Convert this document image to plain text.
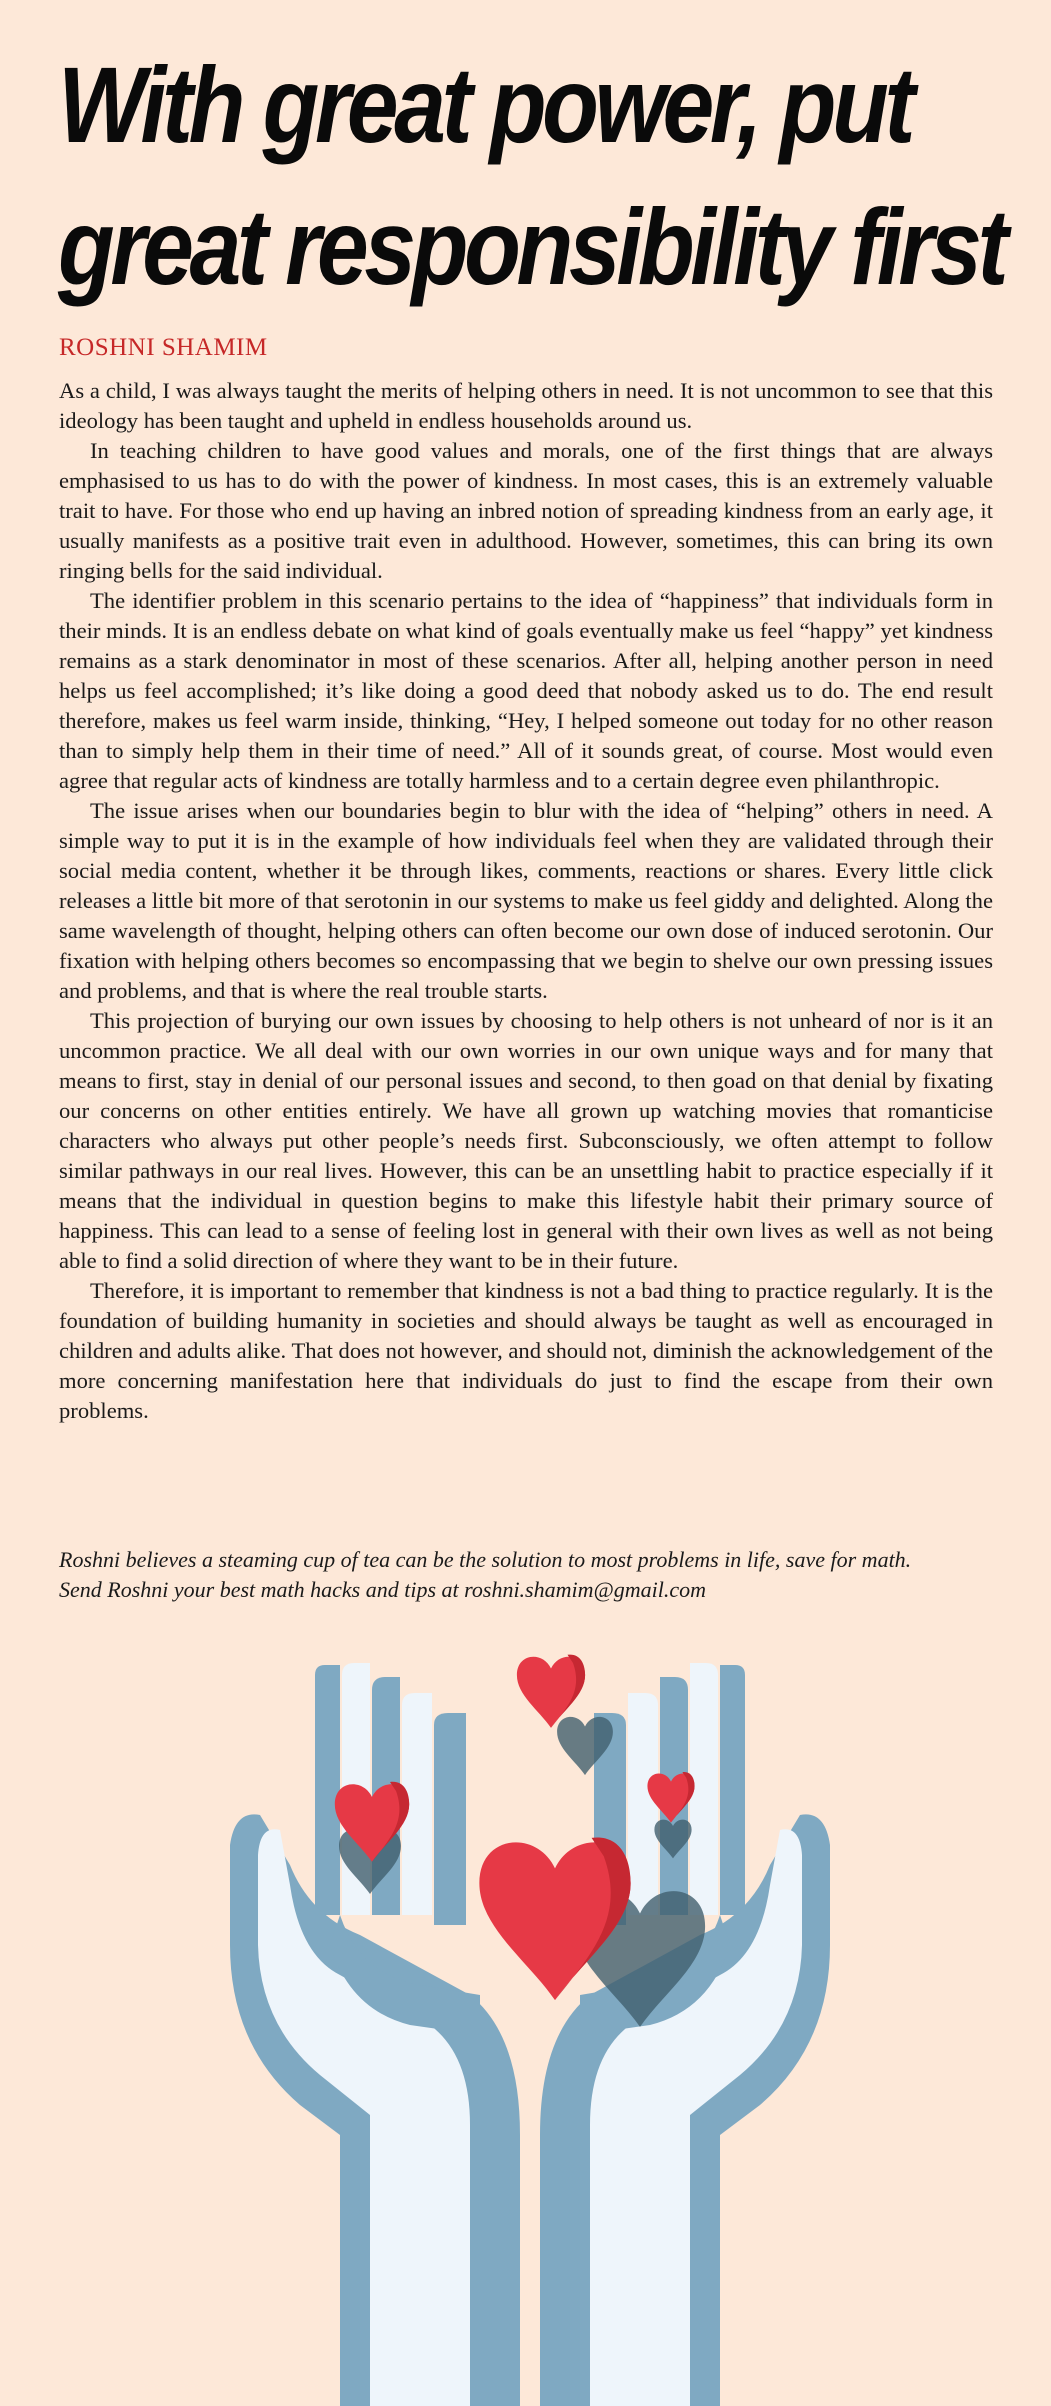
With great power, put
great responsibility first

ROSHNI SHAMIM

As a child, I was always taught the merits of helping others in need. It is not uncommon to see that this ideology has been taught and upheld in endless households around us.

In teaching children to have good values and morals, one of the first things that are always emphasised to us has to do with the power of kindness. In most cases, this is an extremely valuable trait to have. For those who end up having an inbred notion of spreading kindness from an early age, it usually manifests as a positive trait even in adulthood. However, sometimes, this can bring its own ringing bells for the said individual.

The identifier problem in this scenario pertains to the idea of “happiness” that individuals form in their minds. It is an endless debate on what kind of goals eventually make us feel “happy” yet kindness remains as a stark denominator in most of these scenarios. After all, helping another person in need helps us feel accomplished; it’s like doing a good deed that nobody asked us to do. The end result therefore, makes us feel warm inside, thinking, “Hey, I helped someone out today for no other reason than to simply help them in their time of need.” All of it sounds great, of course. Most would even agree that regular acts of kindness are totally harmless and to a certain degree even philanthropic.

The issue arises when our boundaries begin to blur with the idea of “helping” others in need. A simple way to put it is in the example of how individuals feel when they are validated through their social media content, whether it be through likes, comments, reactions or shares. Every little click releases a little bit more of that serotonin in our systems to make us feel giddy and delighted. Along the same wavelength of thought, helping others can often become our own dose of induced serotonin. Our fixation with helping others becomes so encompassing that we begin to shelve our own pressing issues and problems, and that is where the real trouble starts.

This projection of burying our own issues by choosing to help others is not unheard of nor is it an uncommon practice. We all deal with our own worries in our own unique ways and for many that means to first, stay in denial of our personal issues and second, to then goad on that denial by fixating our concerns on other entities entirely. We have all grown up watching movies that romanticise characters who always put other people’s needs first. Subconsciously, we often attempt to follow similar pathways in our real lives. However, this can be an unsettling habit to practice especially if it means that the individual in question begins to make this lifestyle habit their primary source of happiness. This can lead to a sense of feeling lost in general with their own lives as well as not being able to find a solid direction of where they want to be in their future.

Therefore, it is important to remember that kindness is not a bad thing to practice regularly. It is the foundation of building humanity in societies and should always be taught as well as encouraged in children and adults alike. That does not however, and should not, diminish the acknowledgement of the more concerning manifestation here that individuals do just to find the escape from their own problems.

Roshni believes a steaming cup of tea can be the solution to most problems in life, save for math.
Send Roshni your best math hacks and tips at roshni.shamim@gmail.com
